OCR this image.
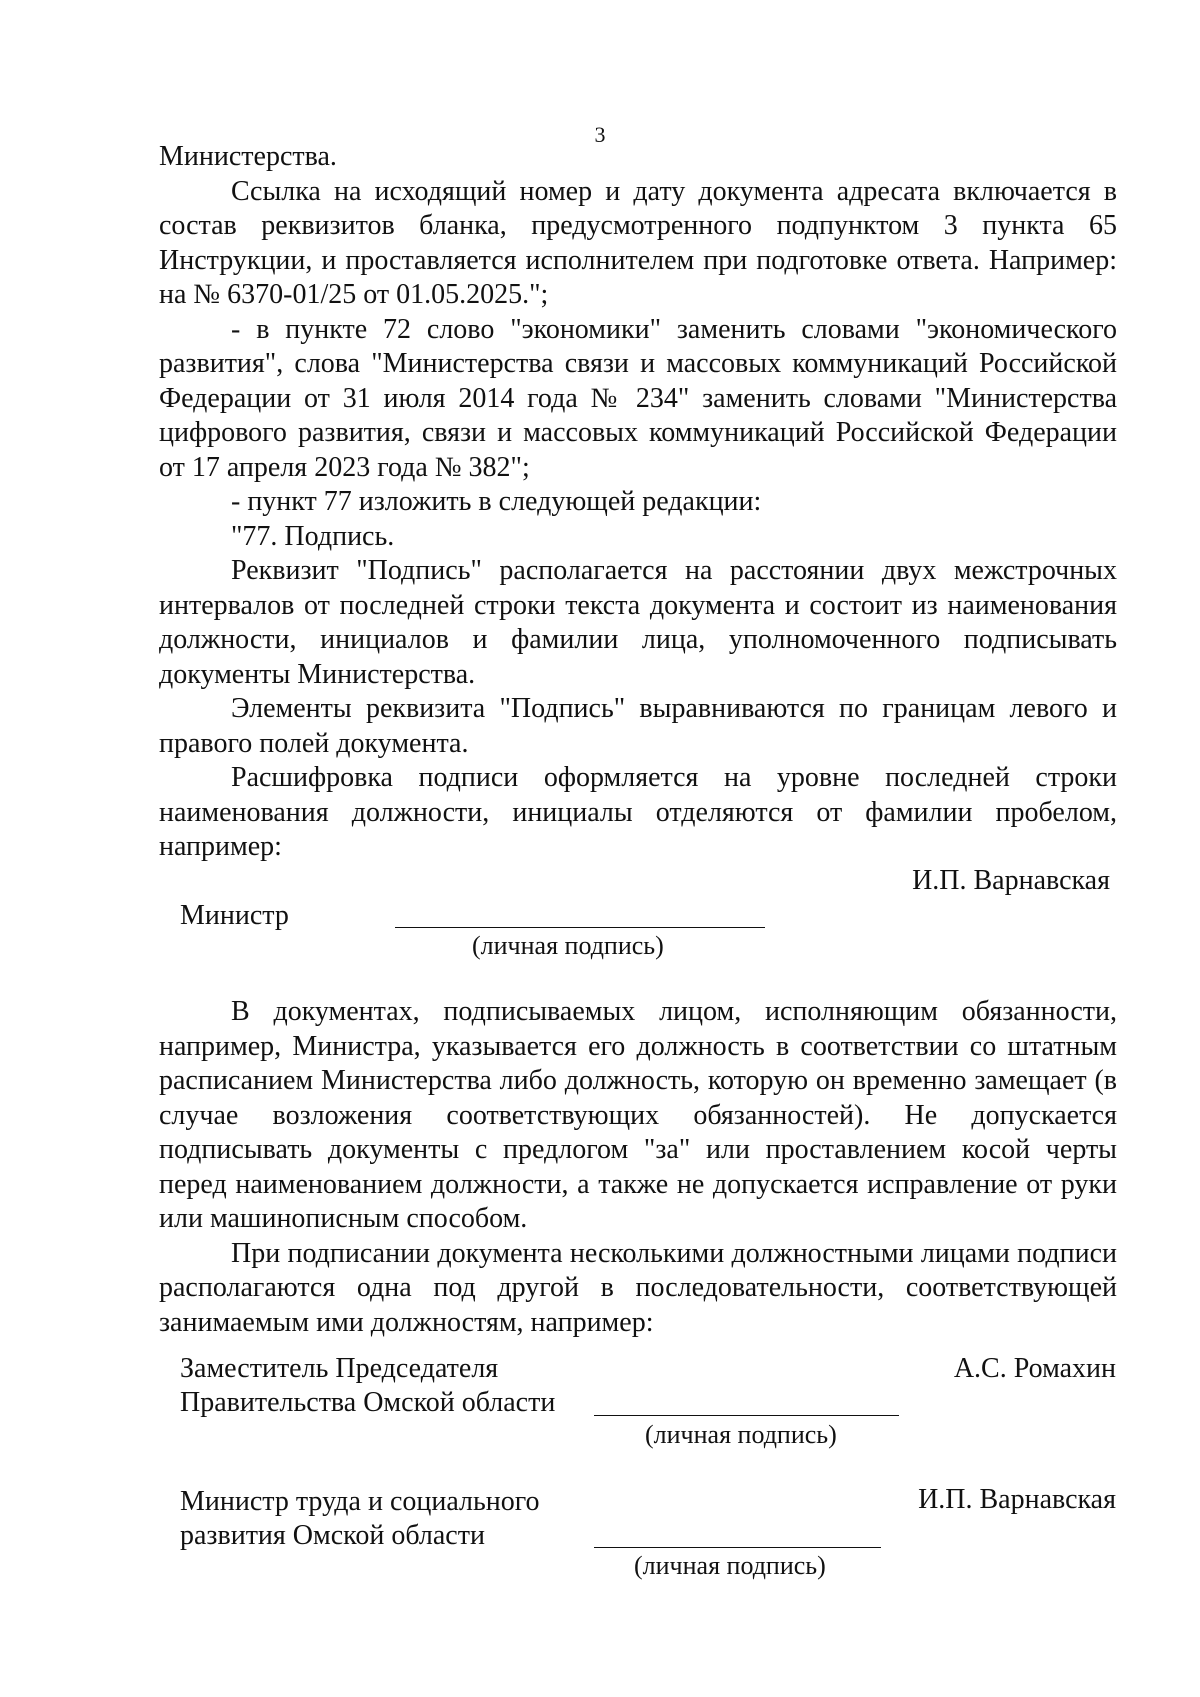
3

Министерства.

Ссылка на исходящий номер и дату документа адресата включается в состав реквизитов бланка, предусмотренного подпунктом 3 пункта 65 Инструкции, и проставляется исполнителем при подготовке ответа. Например: на № 6370-01/25 от 01.05.2025.";

- в пункте 72 слово "экономики" заменить словами "экономического развития", слова "Министерства связи и массовых коммуникаций Российской Федерации от 31 июля 2014 года № 234" заменить словами "Министерства цифрового развития, связи и массовых коммуникаций Российской Федерации от 17 апреля 2023 года № 382";

- пункт 77 изложить в следующей редакции:

"77. Подпись.

Реквизит "Подпись" располагается на расстоянии двух межстрочных интервалов от последней строки текста документа и состоит из наименования должности, инициалов и фамилии лица, уполномоченного подписывать документы Министерства.

Элементы реквизита "Подпись" выравниваются по границам левого и правого полей документа.

Расшифровка подписи оформляется на уровне последней строки наименования должности, инициалы отделяются от фамилии пробелом, например:

И.П. Варнавская
Министр
(личная подпись)

В документах, подписываемых лицом, исполняющим обязанности, например, Министра, указывается его должность в соответствии со штатным расписанием Министерства либо должность, которую он временно замещает (в случае возложения соответствующих обязанностей). Не допускается подписывать документы с предлогом "за" или проставлением косой черты перед наименованием должности, а также не допускается исправление от руки или машинописным способом.

При подписании документа несколькими должностными лицами подписи располагаются одна под другой в последовательности, соответствующей занимаемым ими должностям, например:

Заместитель Председателя
Правительства Омской области
А.С. Ромахин
(личная подпись)
Министр труда и социального
развития Омской области
И.П. Варнавская
(личная подпись)
